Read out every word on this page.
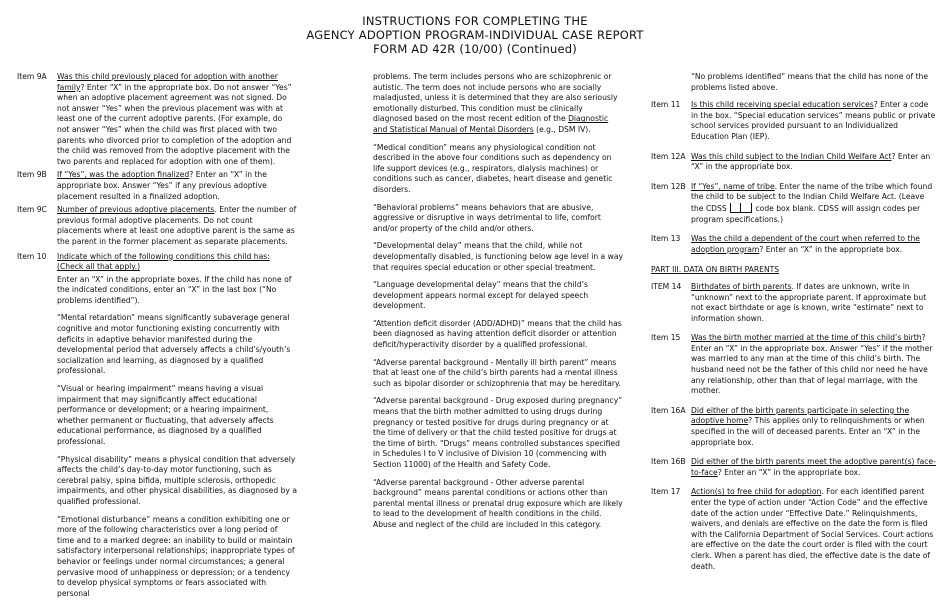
INSTRUCTIONS FOR COMPLETING THE
AGENCY ADOPTION PROGRAM-INDIVIDUAL CASE REPORT
FORM AD 42R (10/00) (Continued)
Item 9A	Was this child previously placed for adoption with another family? Enter “X” in the appropriate box. Do not answer “Yes” when an adoptive placement agreement was not signed. Do not answer “Yes” when the previous placement was with at least one of the current adoptive parents. (For example, do not answer “Yes” when the child was first placed with two parents who divorced prior to completion of the adoption and the child was removed from the adoptive placement with the two parents and replaced for adoption with one of them).
Item 9B	If “Yes”, was the adoption finalized? Enter an “X” in the appropriate box. Answer “Yes” if any previous adoptive placement resulted in a finalized adoption.
Item 9C	Number of previous adoptive placements. Enter the number of previous formal adoptive placements. Do not count placements where at least one adoptive parent is the same as the parent in the former placement as separate placements.
Item 10	Indicate which of the following conditions this child has: (Check all that apply.)

Enter an “X” in the appropriate boxes. If the child has none of the indicated conditions, enter an “X” in the last box (“No problems identified”).

“Mental retardation” means significantly subaverage general cognitive and motor functioning existing concurrently with deficits in adaptive behavior manifested during the developmental period that adversely affects a child’s/youth’s socialization and learning, as diagnosed by a qualified professional.

“Visual or hearing impairment” means having a visual impairment that may significantly affect educational performance or development; or a hearing impairment, whether permanent or fluctuating, that adversely affects educational performance, as diagnosed by a qualified professional.

“Physical disability” means a physical condition that adversely affects the child’s day-to-day motor functioning, such as cerebral palsy, spina bifida, multiple sclerosis, orthopedic impairments, and other physical disabilities, as diagnosed by a qualified professional.

“Emotional disturbance” means a condition exhibiting one or more of the following characteristics over a long period of time and to a marked degree: an inability to build or maintain satisfactory interpersonal relationships; inappropriate types of behavior or feelings under normal circumstances; a general pervasive mood of unhappiness or depression; or a tendency to develop physical symptoms or fears associated with personal

problems. The term includes persons who are schizophrenic or autistic. The term does not include persons who are socially maladjusted, unless it is determined that they are also seriously emotionally disturbed. This condition must be clinically diagnosed based on the most recent edition of the Diagnostic and Statistical Manual of Mental Disorders (e.g., DSM IV).

“Medical condition” means any physiological condition not described in the above four conditions such as dependency on life support devices (e.g., respirators, dialysis machines) or conditions such as cancer, diabetes, heart disease and genetic disorders.

“Behavioral problems” means behaviors that are abusive, aggressive or disruptive in ways detrimental to life, comfort and/or property of the child and/or others.

“Developmental delay” means that the child, while not developmentally disabled, is functioning below age level in a way that requires special education or other special treatment.

“Language developmental delay” means that the child’s development appears normal except for delayed speech development.

“Attention deficit disorder (ADD/ADHD)” means that the child has been diagnosed as having attention deficit disorder or attention deficit/hyperactivity disorder by a qualified professional.

“Adverse parental background - Mentally ill birth parent” means that at least one of the child’s birth parents had a mental illness such as bipolar disorder or schizophrenia that may be hereditary.

“Adverse parental background - Drug exposed during pregnancy” means that the birth mother admitted to using drugs during pregnancy or tested positive for drugs during pregnancy or at the time of delivery or that the child tested positive for drugs at the time of birth. “Drugs” means controlled substances specified in Schedules I to V inclusive of Division 10 (commencing with Section 11000) of the Health and Safety Code.

“Adverse parental background - Other adverse parental background” means parental conditions or actions other than parental mental illness or prenatal drug exposure which are likely to lead to the development of health conditions in the child. Abuse and neglect of the child are included in this category.

“No problems identified” means that the child has none of the problems listed above.

Item 11	Is this child receiving special education services? Enter a code in the box. “Special education services” means public or private school services provided pursuant to an Individualized Education Plan (IEP).
Item 12A Was this child subject to the Indian Child Welfare Act? Enter an “X” in the appropriate box.
Item 12B If “Yes”, name of tribe. Enter the name of the tribe which found the child to be subject to the Indian Child Welfare Act. (Leave the CDSS	code box blank. CDSS will assign codes per program specifications.)
Item 13	Was the child a dependent of the court when referred to the adoption program? Enter an “X” in the appropriate box.
PART III. DATA ON BIRTH PARENTS
ITEM 14	Birthdates of birth parents. If dates are unknown, write in “unknown” next to the appropriate parent. If approximate but not exact birthdate or age is known, write “estimate” next to information shown.
Item 15	Was the birth mother married at the time of this child’s birth? Enter an “X” in the appropriate box. Answer “Yes” if the mother was married to any man at the time of this child’s birth. The husband need not be the father of this child nor need he have any relationship, other than that of legal marriage, with the mother.
Item 16A Did either of the birth parents participate in selecting the adoptive home? This applies only to relinquishments or when specified in the will of deceased parents. Enter an “X” in the appropriate box.
Item 16B Did either of the birth parents meet the adoptive parent(s) face-to-face? Enter an “X” in the appropriate box.
Item 17	Action(s) to free child for adoption. For each identified parent enter the type of action under “Action Code” and the effective date of the action under “Effective Date.” Relinquishments, waivers, and denials are effective on the date the form is filed with the California Department of Social Services. Court actions are effective on the date the court order is filed with the court clerk. When a parent has died, the effective date is the date of death.
